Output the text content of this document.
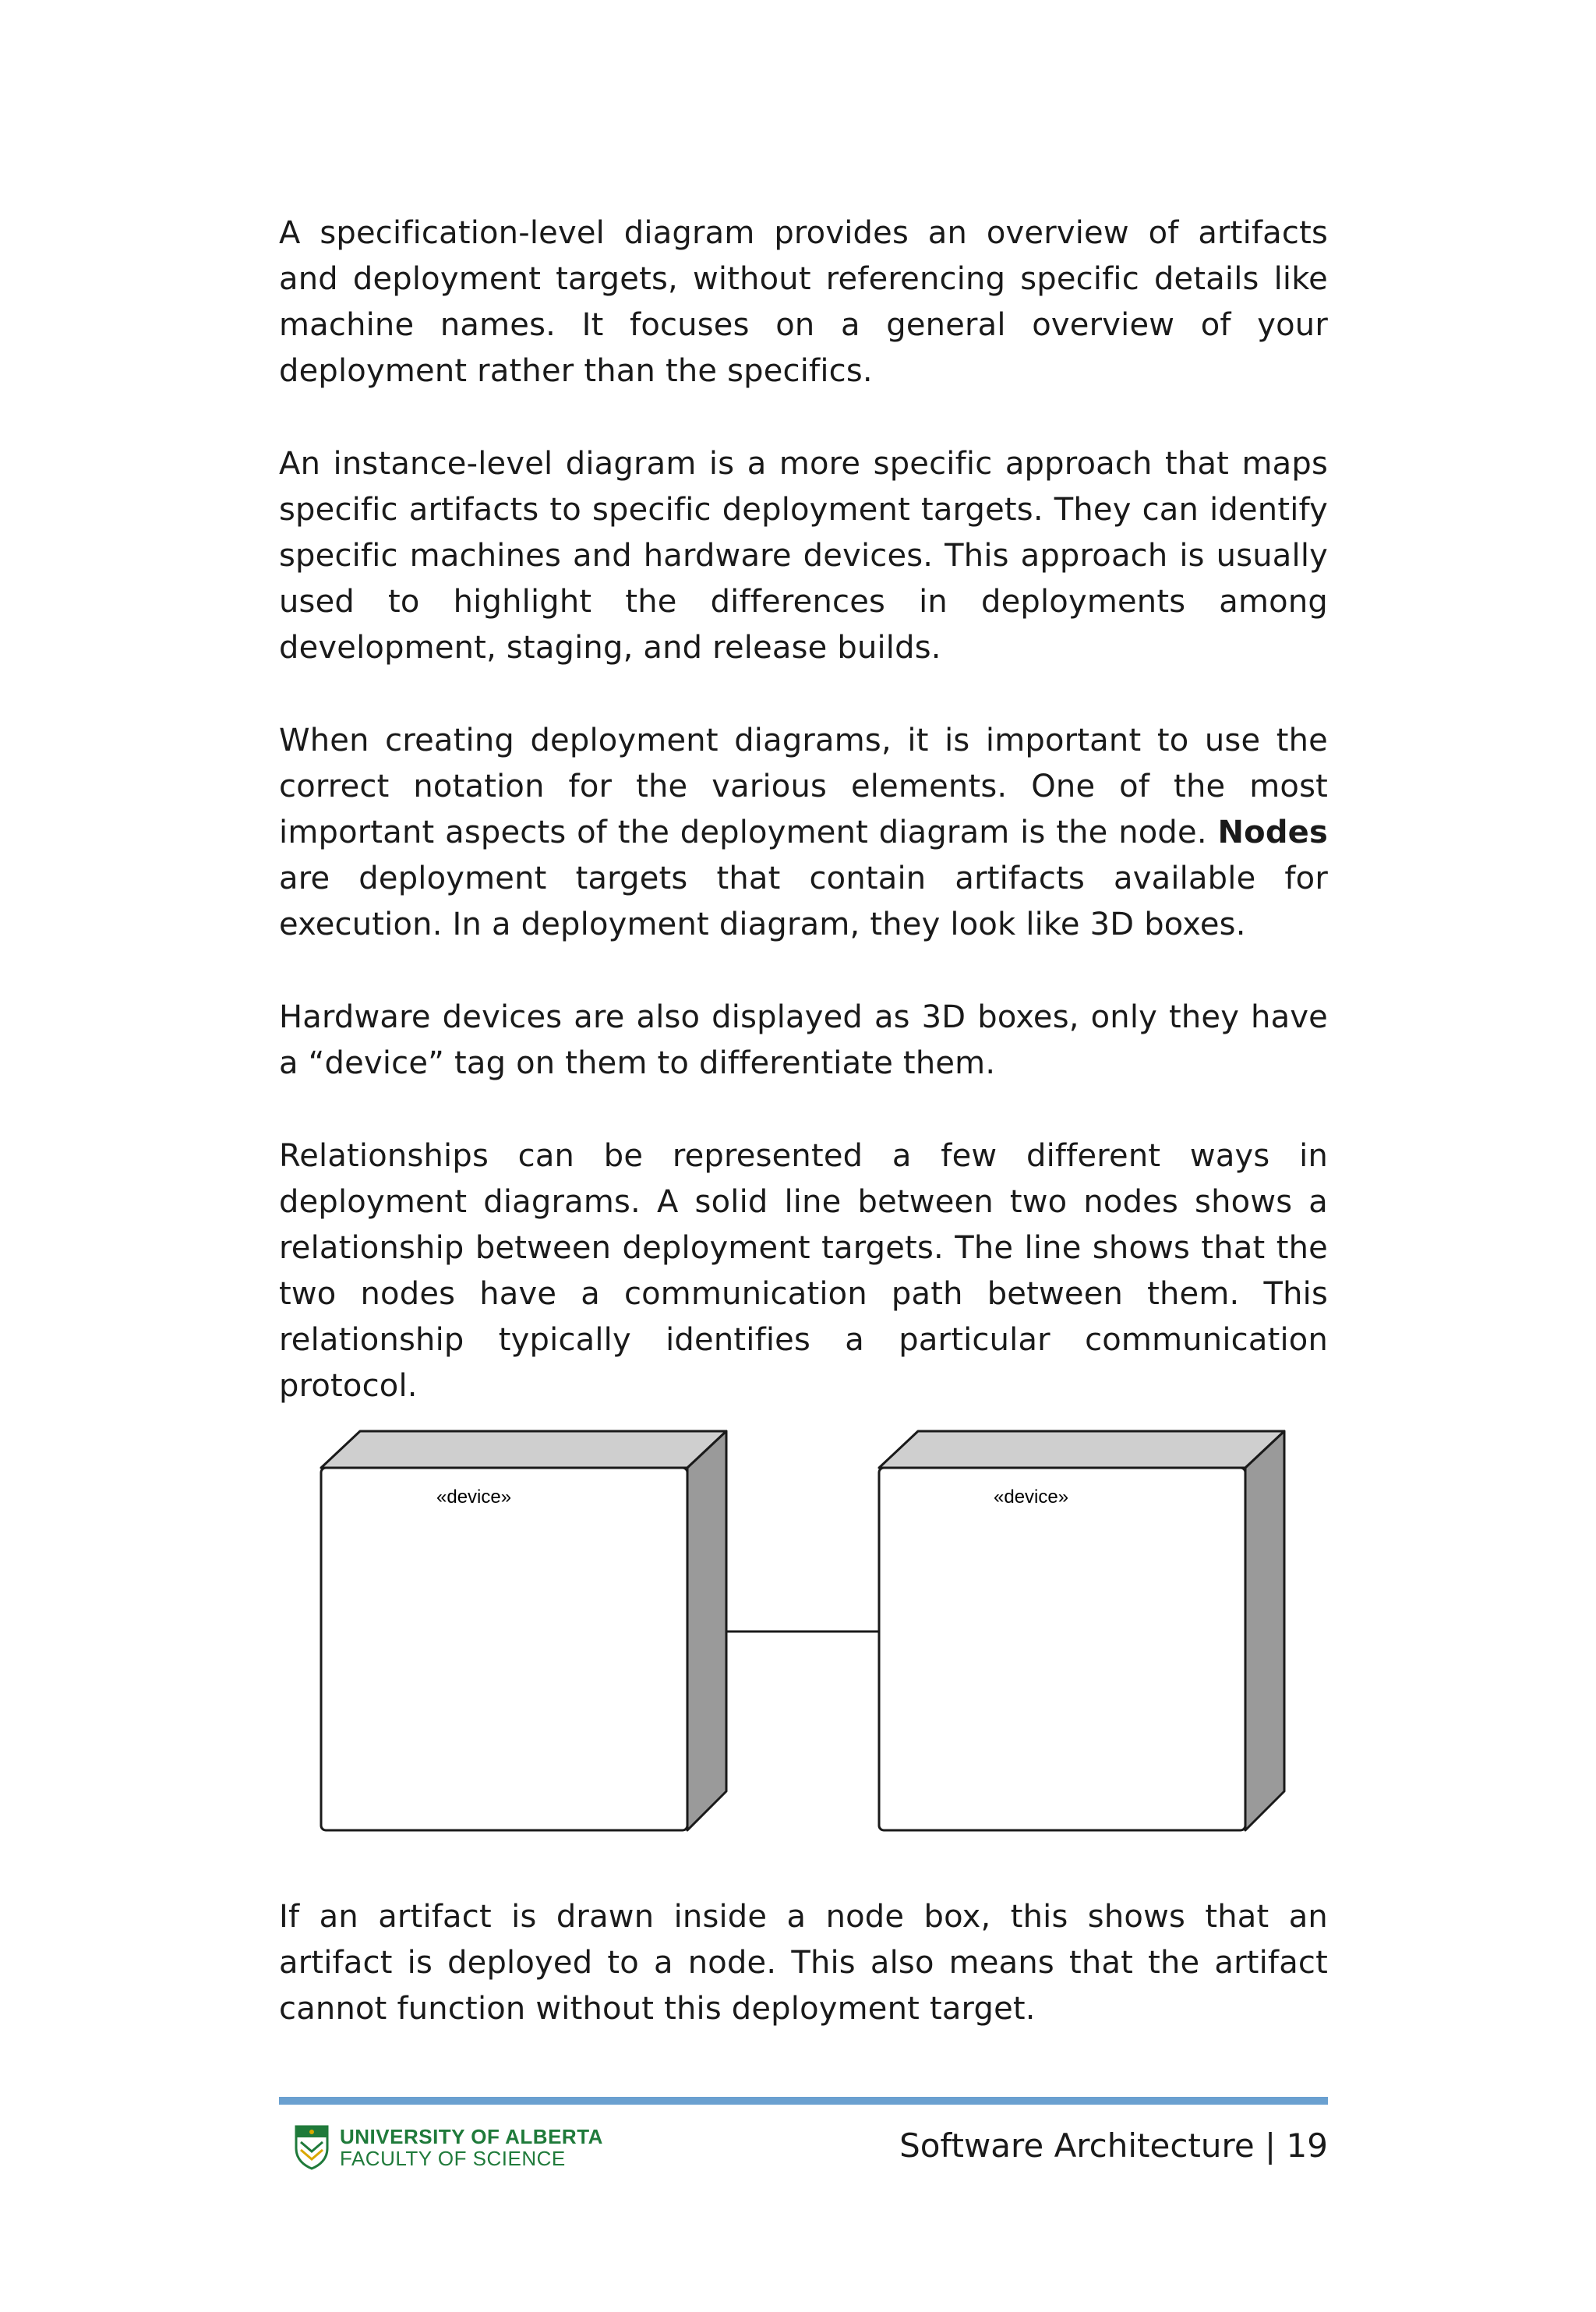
A specification-level diagram provides an overview of artifacts and deployment targets, without referencing specific details like machine names. It focuses on a general overview of your deployment rather than the specifics.

An instance-level diagram is a more specific approach that maps specific artifacts to specific deployment targets. They can identify specific machines and hardware devices. This approach is usually used to highlight the differences in deployments among development, staging, and release builds.

When creating deployment diagrams, it is important to use the correct notation for the various elements. One of the most important aspects of the deployment diagram is the node. Nodes are deployment targets that contain artifacts available for execution. In a deployment diagram, they look like 3D boxes.

Hardware devices are also displayed as 3D boxes, only they have a “device” tag on them to differentiate them.

Relationships can be represented a few different ways in deployment diagrams. A solid line between two nodes shows a relationship between deployment targets. The line shows that the two nodes have a communication path between them. This relationship typically identifies a particular communication protocol.

«device»	«device»

If an artifact is drawn inside a node box, this shows that an artifact is deployed to a node. This also means that the artifact cannot function without this deployment target.

UNIVERSITY OF ALBERTA
FACULTY OF SCIENCE	Software Architecture | 19
